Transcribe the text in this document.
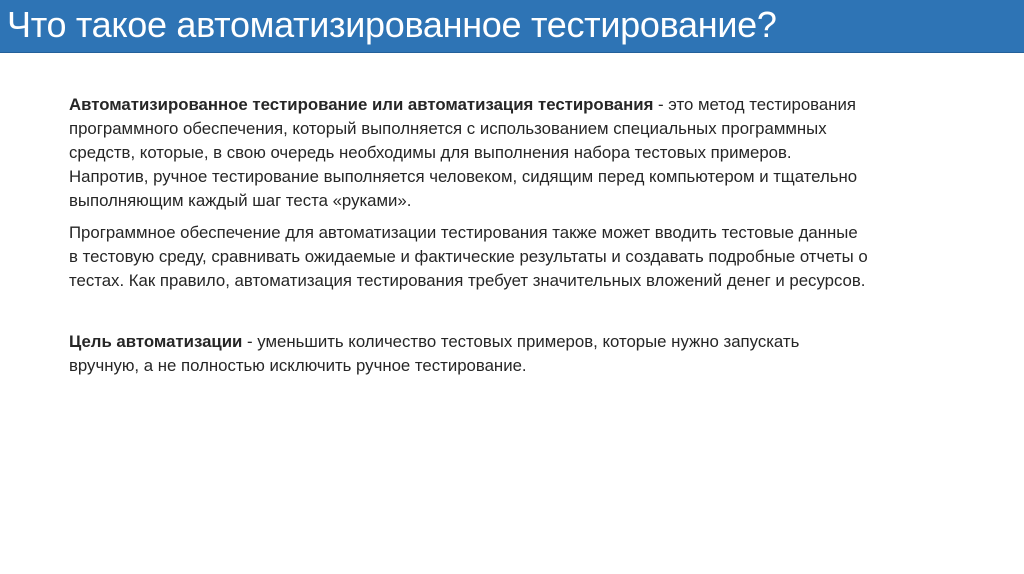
Что такое автоматизированное тестирование?

Автоматизированное тестирование или автоматизация тестирования - это метод тестирования программного обеспечения, который выполняется с использованием специальных программных средств, которые, в свою очередь необходимы для выполнения набора тестовых примеров. Напротив, ручное тестирование выполняется человеком, сидящим перед компьютером и тщательно выполняющим каждый шаг теста «руками».

Программное обеспечение для автоматизации тестирования также может вводить тестовые данные в тестовую среду, сравнивать ожидаемые и фактические результаты и создавать подробные отчеты о тестах. Как правило, автоматизация тестирования требует значительных вложений денег и ресурсов.

Цель автоматизации - уменьшить количество тестовых примеров, которые нужно запускать вручную, а не полностью исключить ручное тестирование.
